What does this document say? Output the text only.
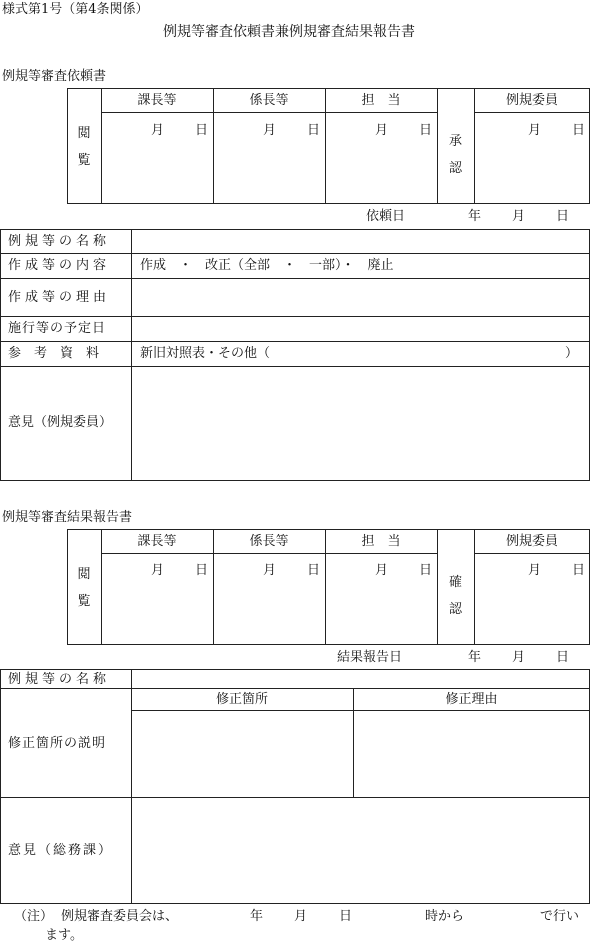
様式第1号（第4条関係）
例規等審査依頼書兼例規審査結果報告書
例規等審査依頼書
閲
覧
課長等	係長等	担　当	例規委員
月 日	月 日	月 日	月 日
承
認
依頼日	年 月 日
例規等の名称
作成等の内容 作成　・　改正（全部　・　一部）・　廃止
作成等の理由
施行等の予定日
参　考　資　料	新旧対照表・その他（	）
意見（例規委員）
例規等審査結果報告書
閲
覧
課長等	係長等	担　当	例規委員
月 日	月 日	月 日	月 日
確
認
結果報告日	年 月 日
例規等の名称
修正箇所	修正理由
修正箇所の説明
意見（総務課）
（注） 例規審査委員会は、	年 月 日	時から	で行い
ます。
